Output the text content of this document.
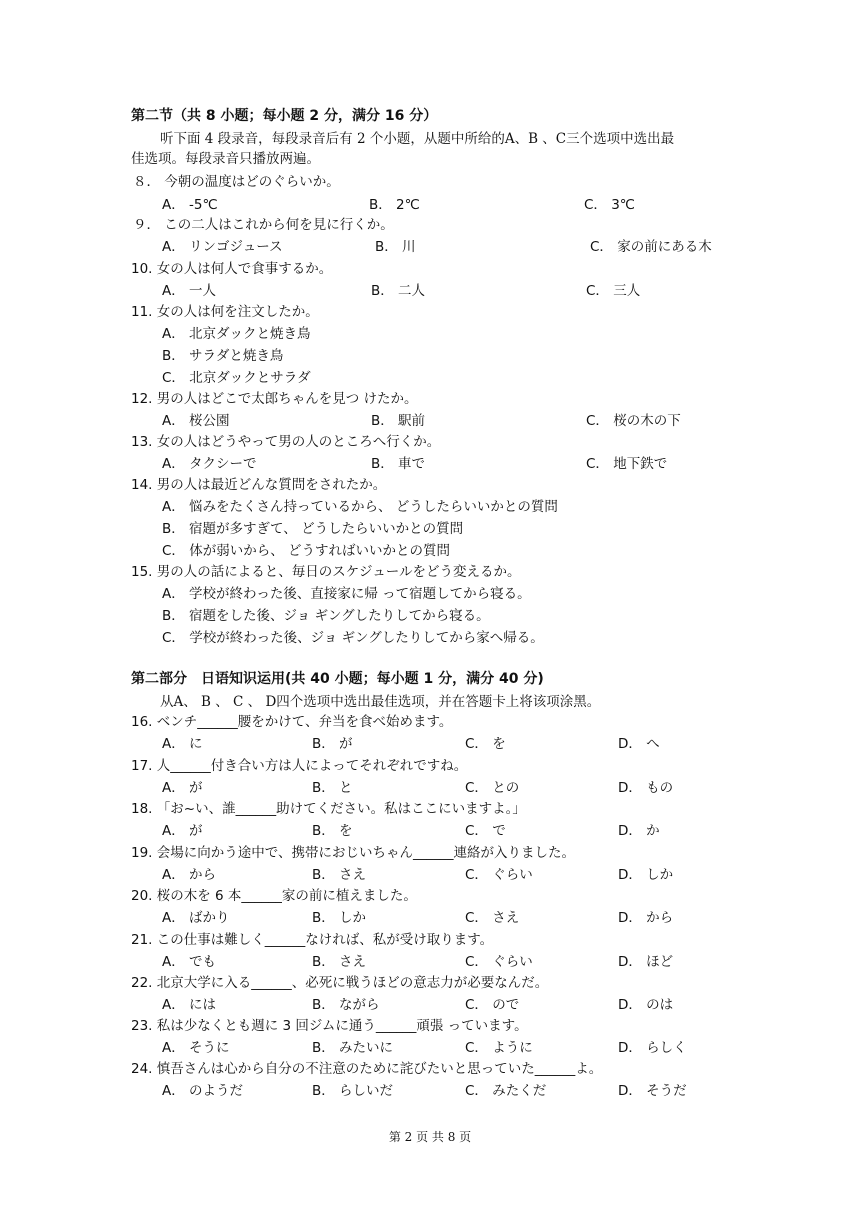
第二节（共 8 小题；每小题 2 分，满分 16 分）
听下面 4 段录音，每段录音后有 2 个小题，从题中所给的A、B 、C三个选项中选出最
佳选项。每段录音只播放两遍。
８． 今朝の温度はどのぐらいか。
A． -5℃	B． 2℃	C． 3℃
９． この二人はこれから何を見に行くか。
A． リンゴジュース	B． 川	C． 家の前にある木
10. 女の人は何人で食事するか。
A． 一人	B． 二人	C． 三人
11. 女の人は何を注文したか。
A． 北京ダックと焼き鳥
B． サラダと焼き鳥
C． 北京ダックとサラダ
12. 男の人はどこで太郎ちゃんを見つ けたか。
A． 桜公園	B． 駅前	C． 桜の木の下
13. 女の人はどうやって男の人のところへ行くか。
A． タクシーで	B． 車で	C． 地下鉄で
14. 男の人は最近どんな質問をされたか。
A． 悩みをたくさん持っているから、 どうしたらいいかとの質問
B． 宿題が多すぎて、 どうしたらいいかとの質問
C． 体が弱いから、 どうすればいいかとの質問
15. 男の人の話によると、毎日のスケジュールをどう変えるか。
A． 学校が終わった後、直接家に帰 って宿題してから寝る。
B． 宿題をした後、ジョ ギングしたりしてから寝る。
C． 学校が終わった後、ジョ ギングしたりしてから家へ帰る。
第二部分　日语知识运用(共 40 小题；每小题 1 分，满分 40 分)
从A、 B 、 C 、 D四个选项中选出最佳选项，并在答题卡上将该项涂黑。
16. ベンチ______腰をかけて、弁当を食べ始めます。
A． に	B． が	C． を	D． へ
17. 人______付き合い方は人によってそれぞれですね。
A． が	B． と	C． との	D． もの
18. 「お~い、誰______助けてください。私はここにいますよ。」
A． が	B． を	C． で	D． か
19. 会場に向かう途中で、携帯におじいちゃん______連絡が入りました。
A． から	B． さえ	C． ぐらい	D． しか
20. 桜の木を 6 本______家の前に植えました。
A． ばかり	B． しか	C． さえ	D． から
21. この仕事は難しく______なければ、私が受け取ります。
A． でも	B． さえ	C． ぐらい	D． ほど
22. 北京大学に入る______、必死に戦うほどの意志力が必要なんだ。
A． には	B． ながら	C． ので	D． のは
23. 私は少なくとも週に 3 回ジムに通う______頑張 っています。
A． そうに	B． みたいに	C． ように	D． らしく
24. 慎吾さんは心から自分の不注意のために詫びたいと思っていた______よ。
A． のようだ	B． らしいだ	C． みたくだ	D． そうだ
第 2 页 共 8 页
